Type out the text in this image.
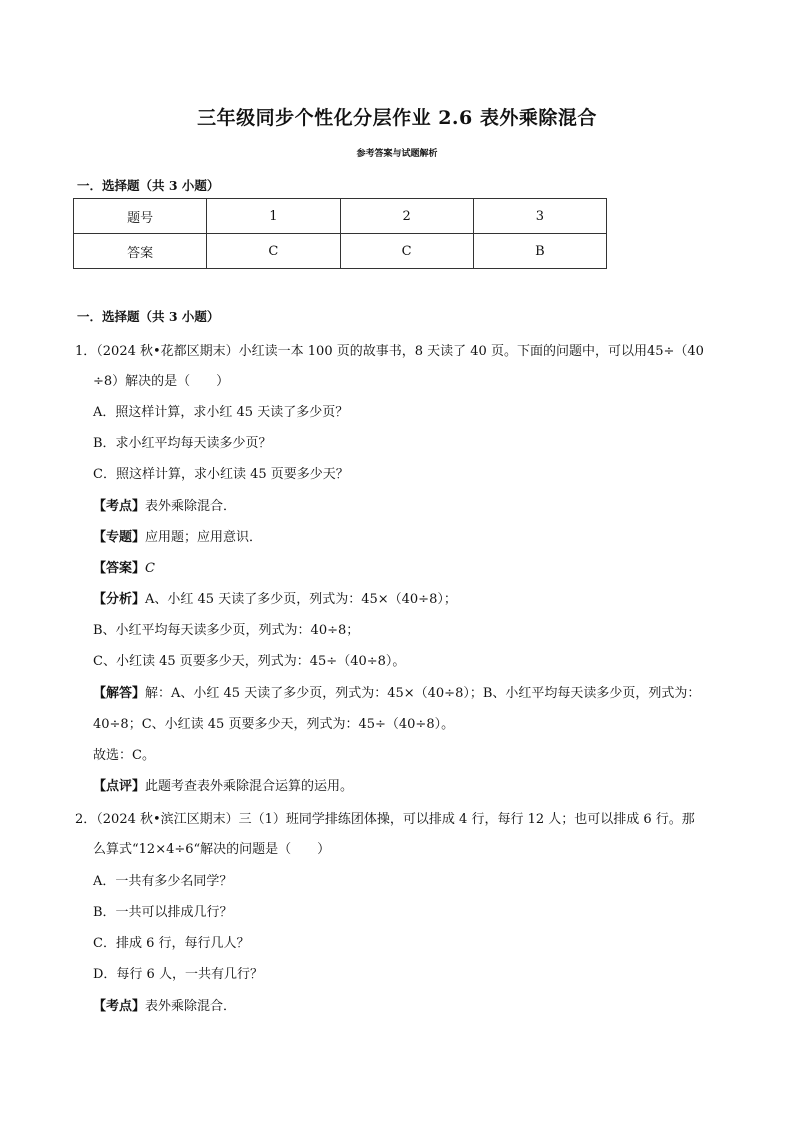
三年级同步个性化分层作业 2.6 表外乘除混合
参考答案与试题解析
一．选择题（共 3 小题）
题号	1	2	3
答案	C	C	B
一．选择题（共 3 小题）
1．（2024 秋•花都区期末）小红读一本 100 页的故事书，8 天读了 40 页。下面的问题中，可以用45÷（40
÷8）解决的是（　　）
A．照这样计算，求小红 45 天读了多少页？
B．求小红平均每天读多少页？
C．照这样计算，求小红读 45 页要多少天？
【考点】表外乘除混合．
【专题】应用题；应用意识．
【答案】C
【分析】A、小红 45 天读了多少页，列式为：45×（40÷8）；
B、小红平均每天读多少页，列式为：40÷8；
C、小红读 45 页要多少天，列式为：45÷（40÷8）。
【解答】解：A、小红 45 天读了多少页，列式为：45×（40÷8）；B、小红平均每天读多少页，列式为：
40÷8；C、小红读 45 页要多少天，列式为：45÷（40÷8）。
故选：C。
【点评】此题考查表外乘除混合运算的运用。
2．（2024 秋•滨江区期末）三（1）班同学排练团体操，可以排成 4 行，每行 12 人；也可以排成 6 行。那
么算式“12×4÷6“解决的问题是（　　）
A．一共有多少名同学？
B．一共可以排成几行？
C．排成 6 行，每行几人？
D．每行 6 人，一共有几行？
【考点】表外乘除混合．
